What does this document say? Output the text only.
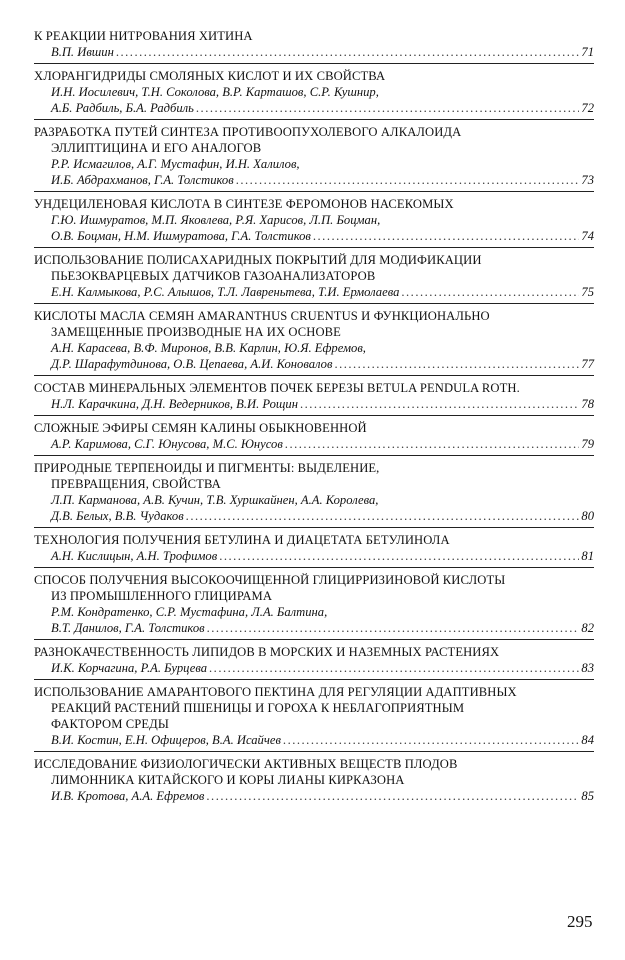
К РЕАКЦИИ НИТРОВАНИЯ ХИТИНА
В.П. Ившин .....	71
ХЛОРАНГИДРИДЫ СМОЛЯНЫХ КИСЛОТ И ИХ СВОЙСТВА
И.Н. Иосилевич, Т.Н. Соколова, В.Р. Карташов, С.Р. Кушнир,
А.Б. Радбиль, Б.А. Радбиль .....	72
РАЗРАБОТКА ПУТЕЙ СИНТЕЗА ПРОТИВООПУХОЛЕВОГО АЛКАЛОИДА
ЭЛЛИПТИЦИНА И ЕГО АНАЛОГОВ
Р.Р. Исмагилов, А.Г. Мустафин, И.Н. Халилов,
И.Б. Абдрахманов, Г.А. Толстиков .....	73
УНДЕЦИЛЕНОВАЯ КИСЛОТА В СИНТЕЗЕ ФЕРОМОНОВ НАСЕКОМЫХ
Г.Ю. Ишмуратов, М.П. Яковлева, Р.Я. Харисов, Л.П. Боцман,
О.В. Боцман, Н.М. Ишмуратова, Г.А. Толстиков .....	74
ИСПОЛЬЗОВАНИЕ ПОЛИСАХАРИДНЫХ ПОКРЫТИЙ ДЛЯ МОДИФИКАЦИИ
ПЬЕЗОКВАРЦЕВЫХ ДАТЧИКОВ ГАЗОАНАЛИЗАТОРОВ
Е.Н. Калмыкова, Р.С. Алышов, Т.Л. Лавреньтева, Т.И. Ермолаева .....	75
КИСЛОТЫ МАСЛА СЕМЯН AMARANTHUS CRUENTUS И ФУНКЦИОНАЛЬНО
ЗАМЕЩЕННЫЕ ПРОИЗВОДНЫЕ НА ИХ ОСНОВЕ
А.Н. Карасева, В.Ф. Миронов, В.В. Карлин, Ю.Я. Ефремов,
Д.Р. Шарафутдинова, О.В. Цепаева, А.И. Коновалов .....	77
СОСТАВ МИНЕРАЛЬНЫХ ЭЛЕМЕНТОВ ПОЧЕК БЕРЕЗЫ BETULA PENDULA ROTH.
Н.Л. Карачкина, Д.Н. Ведерников, В.И. Рощин .....	78
СЛОЖНЫЕ ЭФИРЫ СЕМЯН КАЛИНЫ ОБЫКНОВЕННОЙ
А.Р. Каримова, С.Г. Юнусова, М.С. Юнусов .....	79
ПРИРОДНЫЕ ТЕРПЕНОИДЫ И ПИГМЕНТЫ: ВЫДЕЛЕНИЕ,
ПРЕВРАЩЕНИЯ, СВОЙСТВА
Л.П. Карманова, А.В. Кучин, Т.В. Хуршкайнен, А.А. Королева,
Д.В. Белых, В.В. Чудаков .....	80
ТЕХНОЛОГИЯ ПОЛУЧЕНИЯ БЕТУЛИНА И ДИАЦЕТАТА БЕТУЛИНОЛА
А.Н. Кислицын, А.Н. Трофимов .....	81
СПОСОБ ПОЛУЧЕНИЯ ВЫСОКООЧИЩЕННОЙ ГЛИЦИРРИЗИНОВОЙ КИСЛОТЫ
ИЗ ПРОМЫШЛЕННОГО ГЛИЦИРАМА
Р.М. Кондратенко, С.Р. Мустафина, Л.А. Балтина,
В.Т. Данилов, Г.А. Толстиков .....	82
РАЗНОКАЧЕСТВЕННОСТЬ ЛИПИДОВ В МОРСКИХ И НАЗЕМНЫХ РАСТЕНИЯХ
И.К. Корчагина, Р.А. Бурцева .....	83
ИСПОЛЬЗОВАНИЕ АМАРАНТОВОГО ПЕКТИНА ДЛЯ РЕГУЛЯЦИИ АДАПТИВНЫХ
РЕАКЦИЙ РАСТЕНИЙ ПШЕНИЦЫ И ГОРОХА К НЕБЛАГОПРИЯТНЫМ
ФАКТОРОМ СРЕДЫ
В.И. Костин, Е.Н. Офицеров, В.А. Исайчев .....	84
ИССЛЕДОВАНИЕ ФИЗИОЛОГИЧЕСКИ АКТИВНЫХ ВЕЩЕСТВ ПЛОДОВ
ЛИМОННИКА КИТАЙСКОГО И КОРЫ ЛИАНЫ КИРКАЗОНА
И.В. Кротова, А.А. Ефремов .....	85
295
